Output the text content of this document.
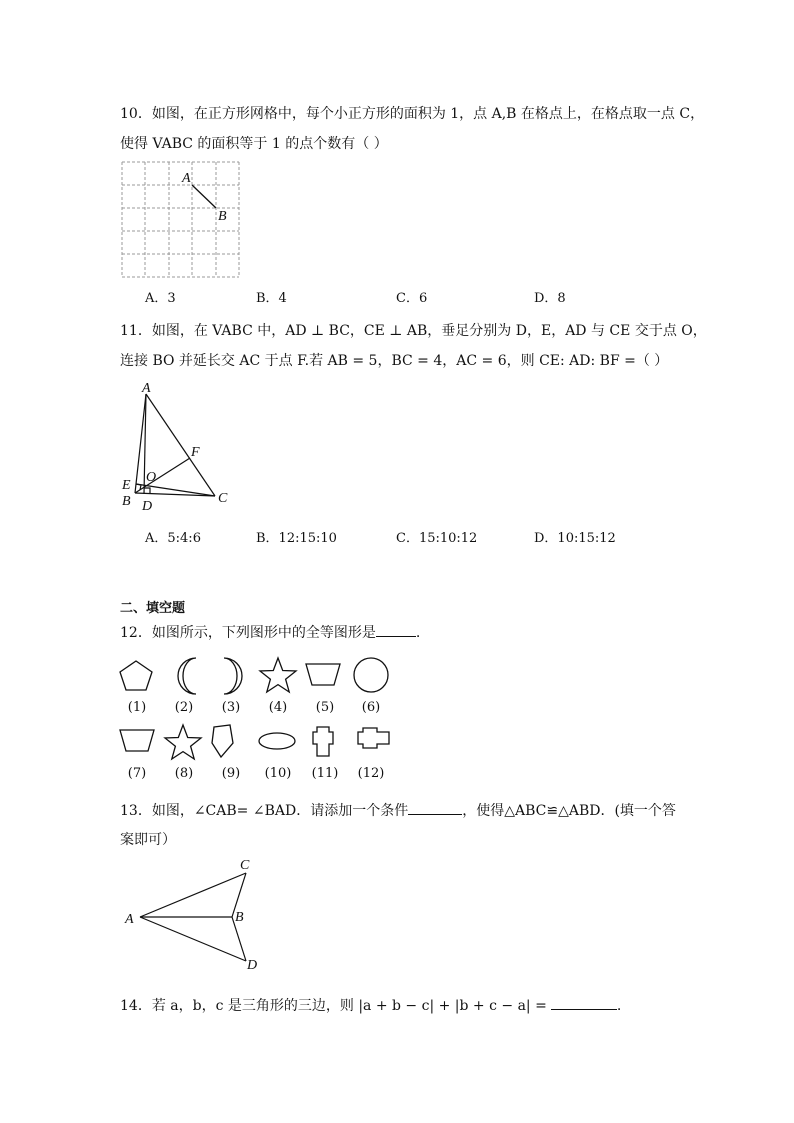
10．如图，在正方形网格中，每个小正方形的面积为 1，点 A,B 在格点上，在格点取一点 C，
使得 VABC 的面积等于 1 的点个数有（ ）
A
B
A．3	B．4	C．6	D．8
11．如图，在 VABC 中，AD ⊥ BC，CE ⊥ AB，垂足分别为 D，E，AD 与 CE 交于点 O，
连接 BO 并延长交 AC 于点 F.若 AB = 5，BC = 4，AC = 6，则 CE: AD: BF =（ ）
A
B	C
D
E
F
O
A．5:4:6	B．12:15:10	C．15:10:12	D．10:15:12
二、填空题
12．如图所示，下列图形中的全等图形是	.
(1)	(2)	(3)	(4)	(5)	(6)
(7)	(8)	(9)	(10)	(11)	(12)
13．如图，∠CAB= ∠BAD．请添加一个条件	，使得△ABC≌△ABD．(填一个答
案即可）
A	B
C
D
14．若 a，b，c 是三角形的三边，则 |a + b − c| + |b + c − a| =	.
